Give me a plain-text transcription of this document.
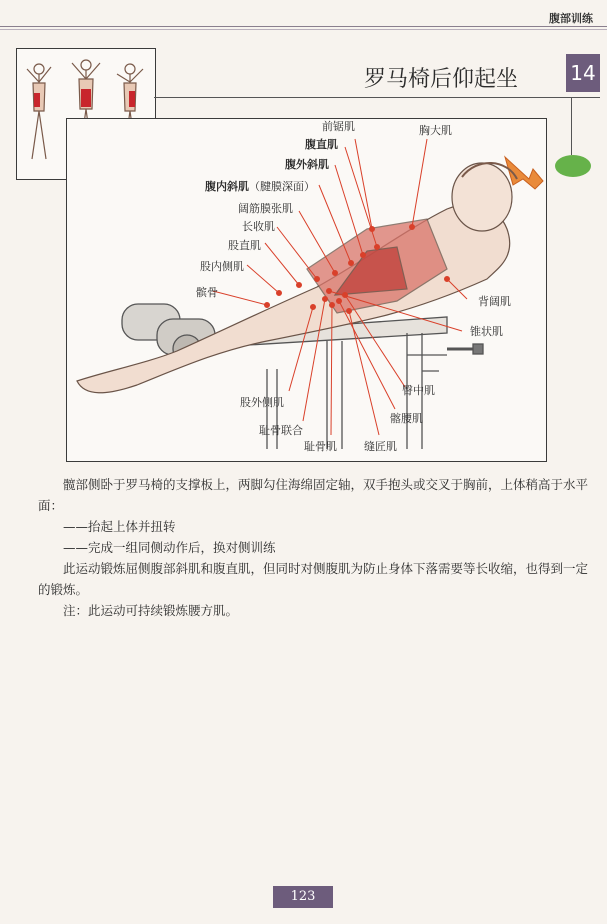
腹部训练
罗马椅后仰起坐	14
前锯肌	胸大肌
腹直肌
腹外斜肌
腹内斜肌（腱膜深面）
阔筋膜张肌
长收肌
股直肌
股内侧肌
髌骨
背阔肌
锥状肌
臀中肌
股外侧肌
髂腰肌
耻骨联合
耻骨肌 缝匠肌

髋部侧卧于罗马椅的支撑板上，两脚勾住海绵固定轴，双手抱头或交叉于胸前，上体稍高于水平面：

——抬起上体并扭转

——完成一组同侧动作后，换对侧训练

此运动锻炼屈侧腹部斜肌和腹直肌，但同时对侧腹肌为防止身体下落需要等长收缩，也得到一定的锻炼。

注：此运动可持续锻炼腰方肌。

123
